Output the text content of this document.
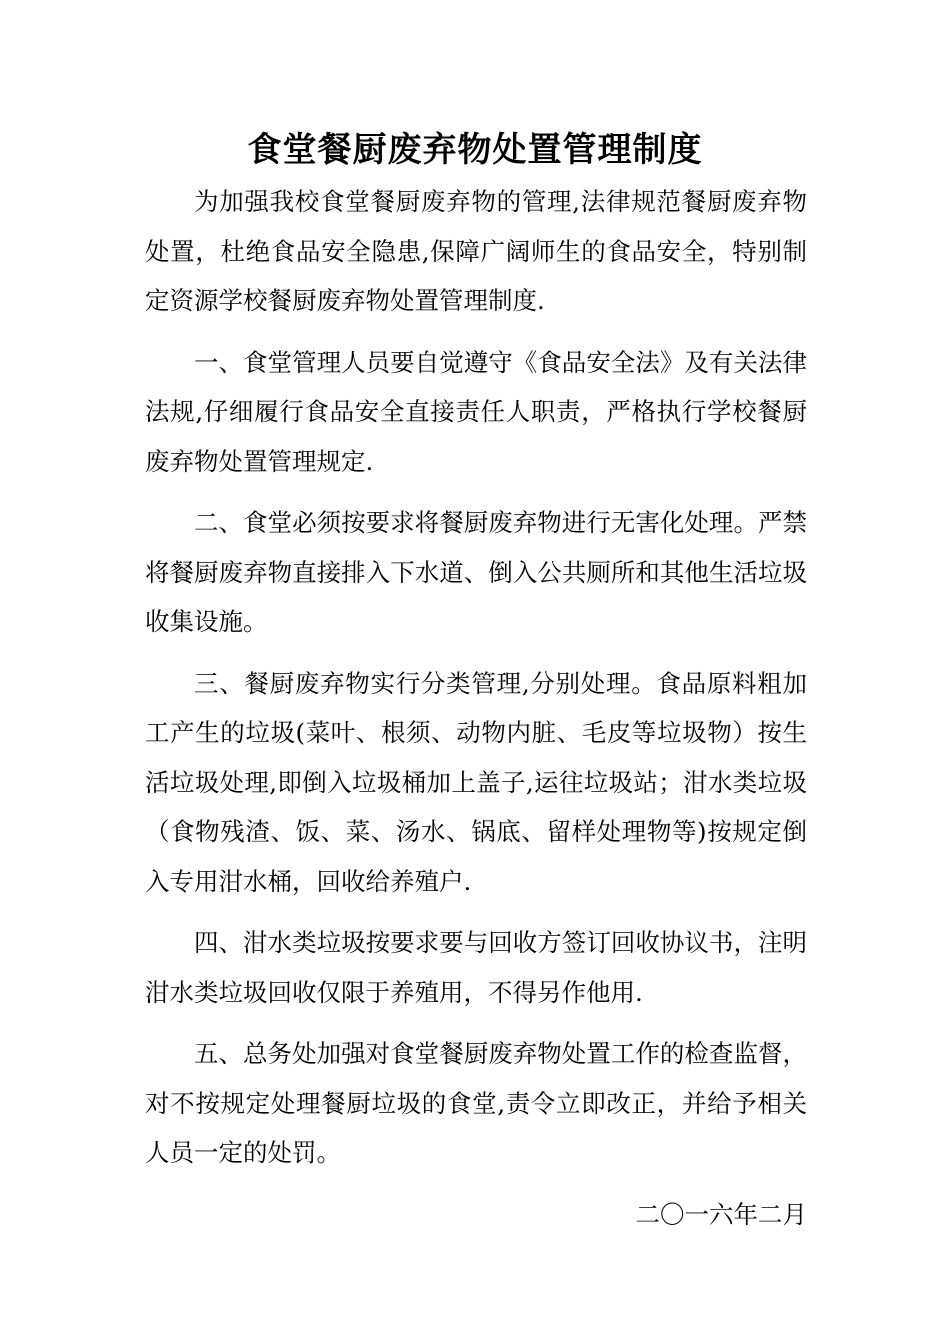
食堂餐厨废弃物处置管理制度

为加强我校食堂餐厨废弃物的管理,法律规范餐厨废弃物处置，杜绝食品安全隐患,保障广阔师生的食品安全，特别制定资源学校餐厨废弃物处置管理制度.

一、食堂管理人员要自觉遵守《食品安全法》及有关法律法规,仔细履行食品安全直接责任人职责，严格执行学校餐厨废弃物处置管理规定.

二、食堂必须按要求将餐厨废弃物进行无害化处理。严禁将餐厨废弃物直接排入下水道、倒入公共厕所和其他生活垃圾收集设施。

三、餐厨废弃物实行分类管理,分别处理。食品原料粗加工产生的垃圾(菜叶、根须、动物内脏、毛皮等垃圾物）按生活垃圾处理,即倒入垃圾桶加上盖子,运往垃圾站；泔水类垃圾（食物残渣、饭、菜、汤水、锅底、留样处理物等)按规定倒入专用泔水桶，回收给养殖户.

四、泔水类垃圾按要求要与回收方签订回收协议书，注明泔水类垃圾回收仅限于养殖用，不得另作他用.

五、总务处加强对食堂餐厨废弃物处置工作的检查监督，对不按规定处理餐厨垃圾的食堂,责令立即改正，并给予相关人员一定的处罚。

二〇一六年二月
